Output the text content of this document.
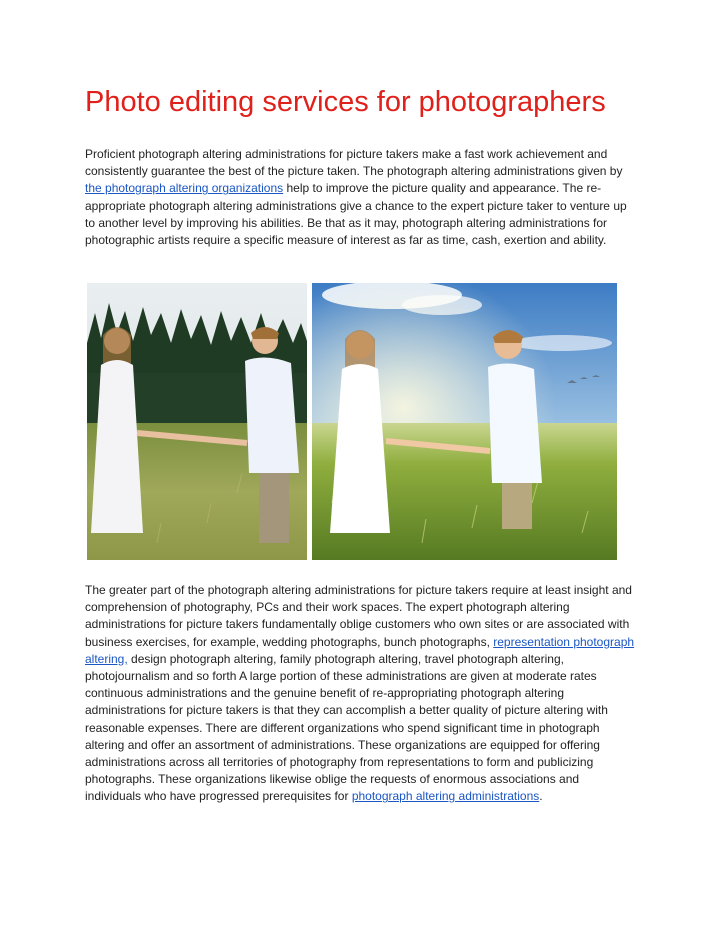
Photo editing services for photographers

Proficient photograph altering administrations for picture takers make a fast work achievement and consistently guarantee the best of the picture taken. The photograph altering administrations given by the photograph altering organizations help to improve the picture quality and appearance. The re-appropriate photograph altering administrations give a chance to the expert picture taker to venture up to another level by improving his abilities. Be that as it may, photograph altering administrations for photographic artists require a specific measure of interest as far as time, cash, exertion and ability.

The greater part of the photograph altering administrations for picture takers require at least insight and comprehension of photography, PCs and their work spaces. The expert photograph altering administrations for picture takers fundamentally oblige customers who own sites or are associated with business exercises, for example, wedding photographs, bunch photographs, representation photograph altering, design photograph altering, family photograph altering, travel photograph altering, photojournalism and so forth A large portion of these administrations are given at moderate rates continuous administrations and the genuine benefit of re-appropriating photograph altering administrations for picture takers is that they can accomplish a better quality of picture altering with reasonable expenses. There are different organizations who spend significant time in photograph altering and offer an assortment of administrations. These organizations are equipped for offering administrations across all territories of photography from representations to form and publicizing photographs. These organizations likewise oblige the requests of enormous associations and individuals who have progressed prerequisites for photograph altering administrations.
